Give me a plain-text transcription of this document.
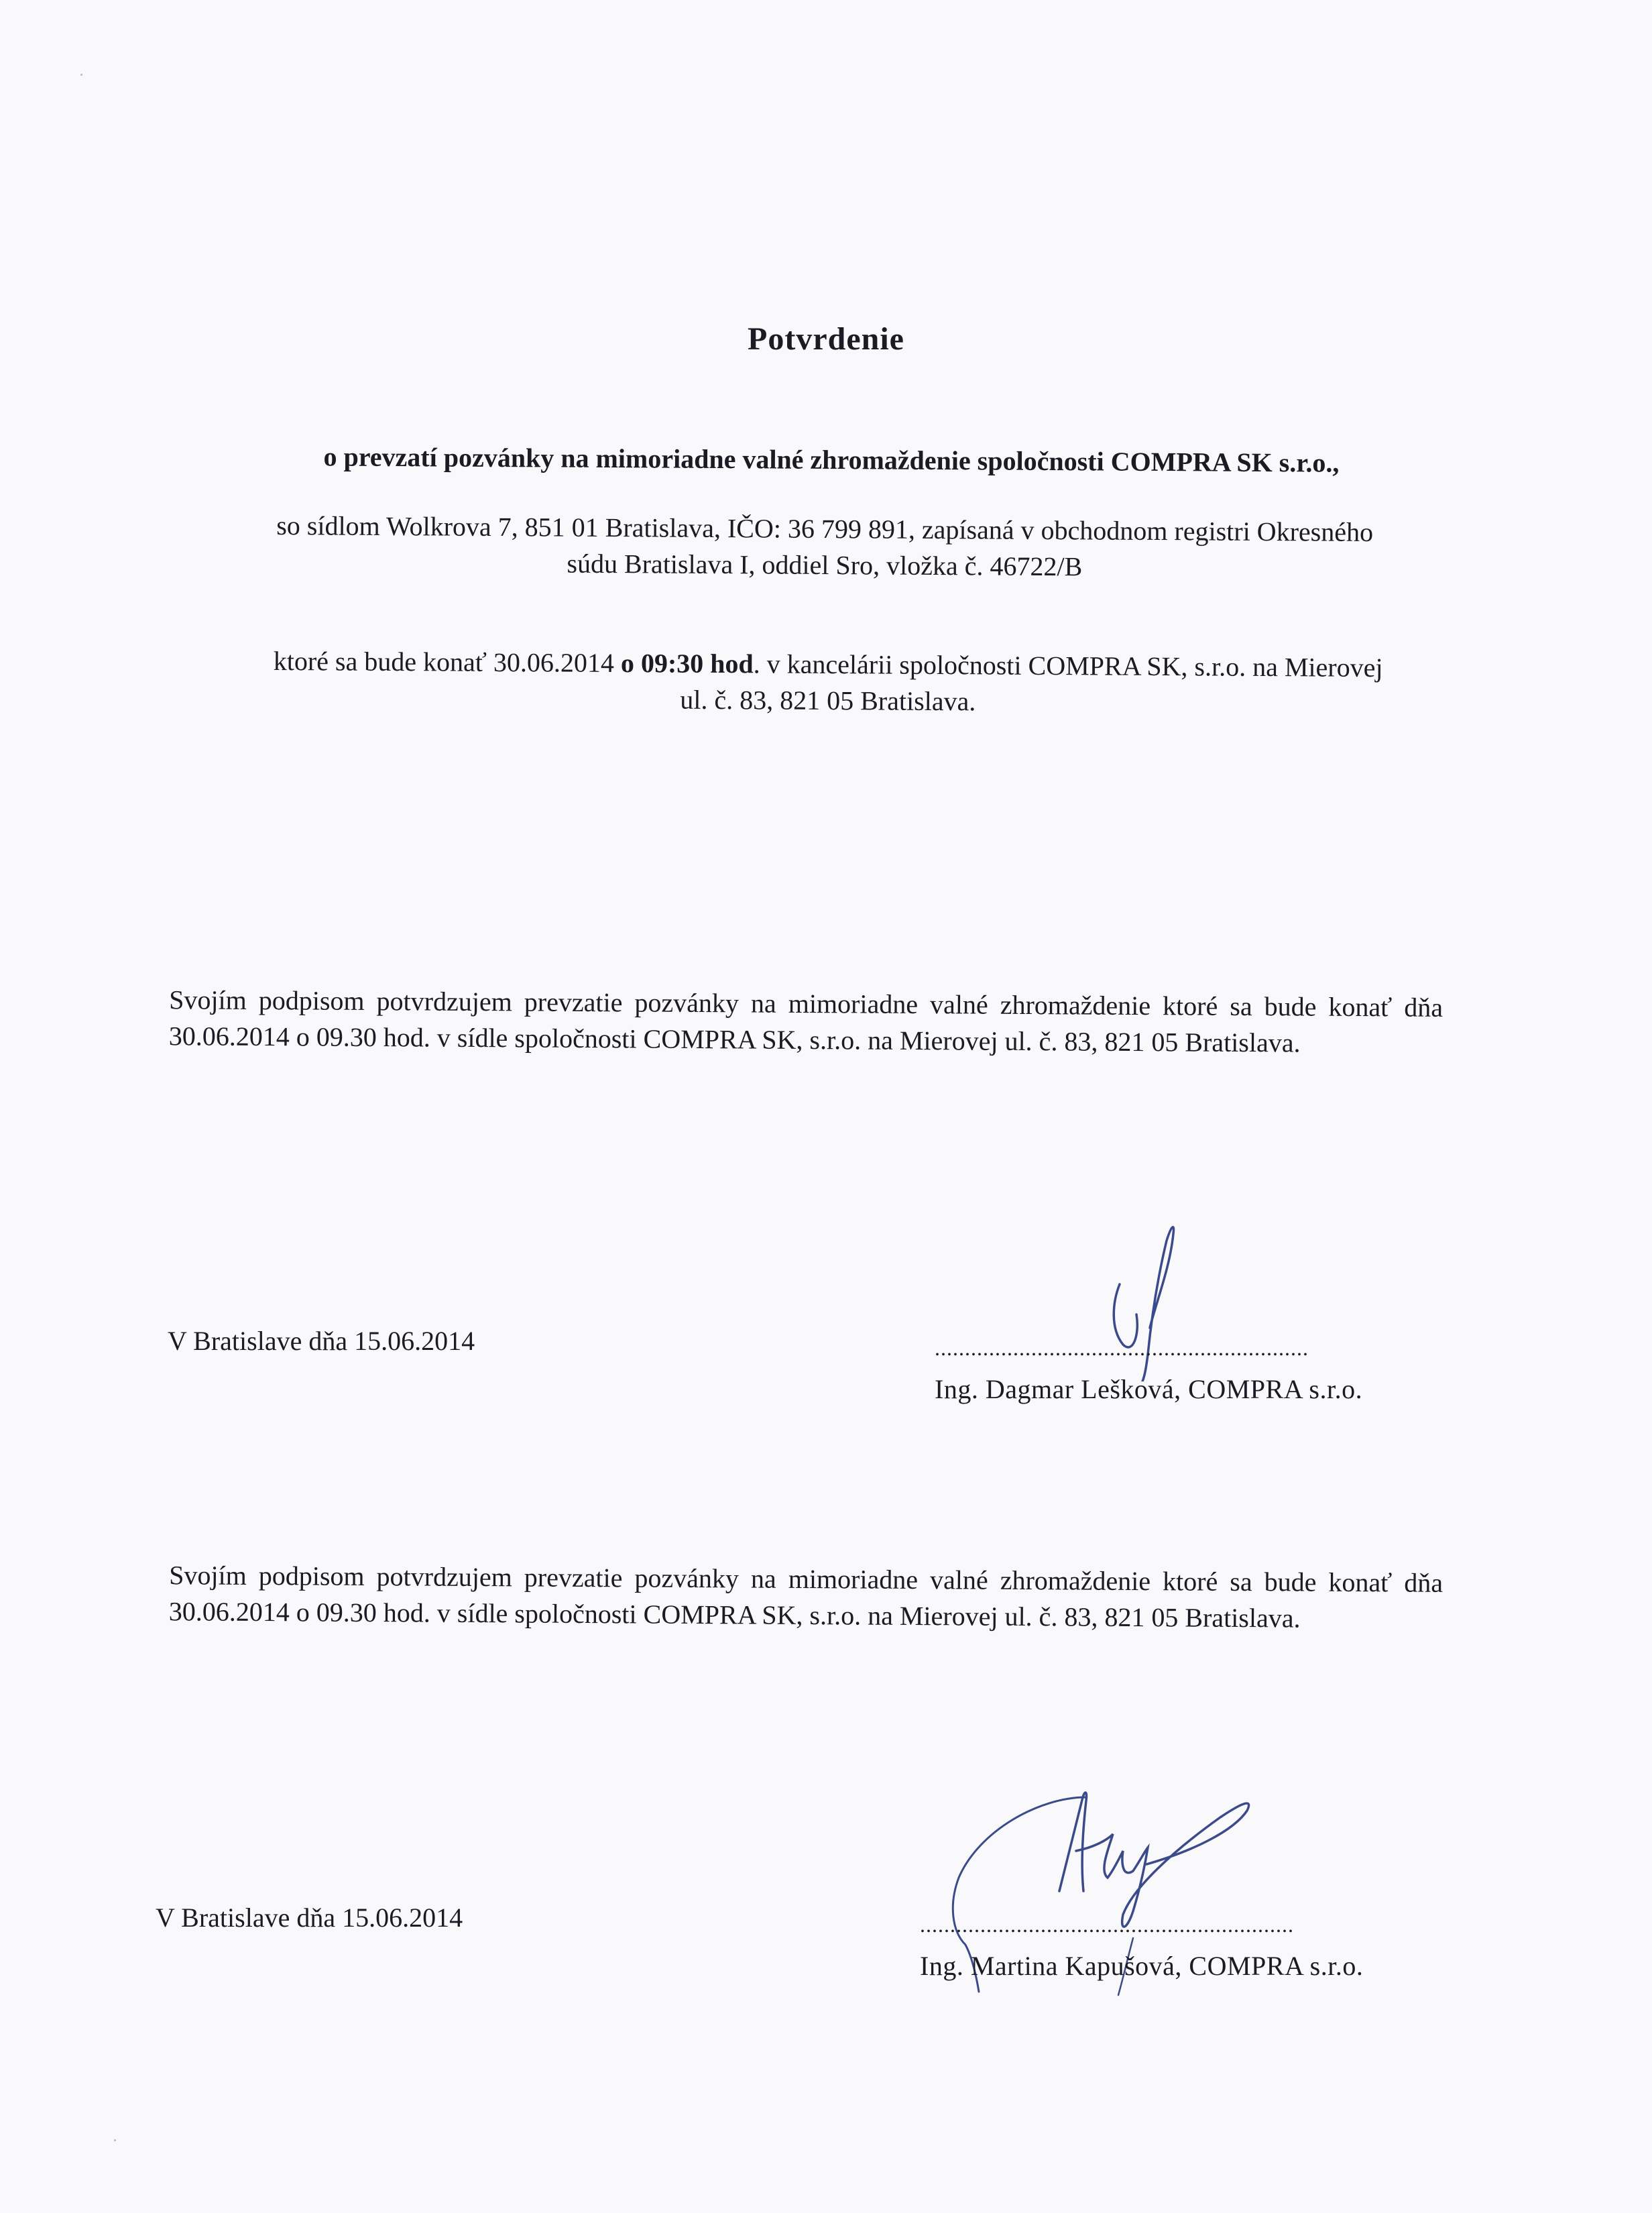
Potvrdenie
o prevzatí pozvánky na mimoriadne valné zhromaždenie spoločnosti COMPRA SK s.r.o.,
so sídlom Wolkrova 7, 851 01 Bratislava, IČO: 36 799 891, zapísaná v obchodnom registri Okresného
súdu Bratislava I, oddiel Sro, vložka č. 46722/B
ktoré sa bude konať 30.06.2014 o 09:30 hod. v kancelárii spoločnosti COMPRA SK, s.r.o. na Mierovej
ul. č. 83, 821 05 Bratislava.
Svojím podpisom potvrdzujem prevzatie pozvánky na mimoriadne valné zhromaždenie ktoré sa bude konať dňa 30.06.2014 o 09.30 hod. v sídle spoločnosti COMPRA SK, s.r.o. na Mierovej ul. č. 83, 821 05 Bratislava.
V Bratislave dňa 15.06.2014	..............................................................
Ing. Dagmar Lešková, COMPRA s.r.o.
Svojím podpisom potvrdzujem prevzatie pozvánky na mimoriadne valné zhromaždenie ktoré sa bude konať dňa 30.06.2014 o 09.30 hod. v sídle spoločnosti COMPRA SK, s.r.o. na Mierovej ul. č. 83, 821 05 Bratislava.
V Bratislave dňa 15.06.2014	..............................................................
Ing. Martina Kapušová, COMPRA s.r.o.
